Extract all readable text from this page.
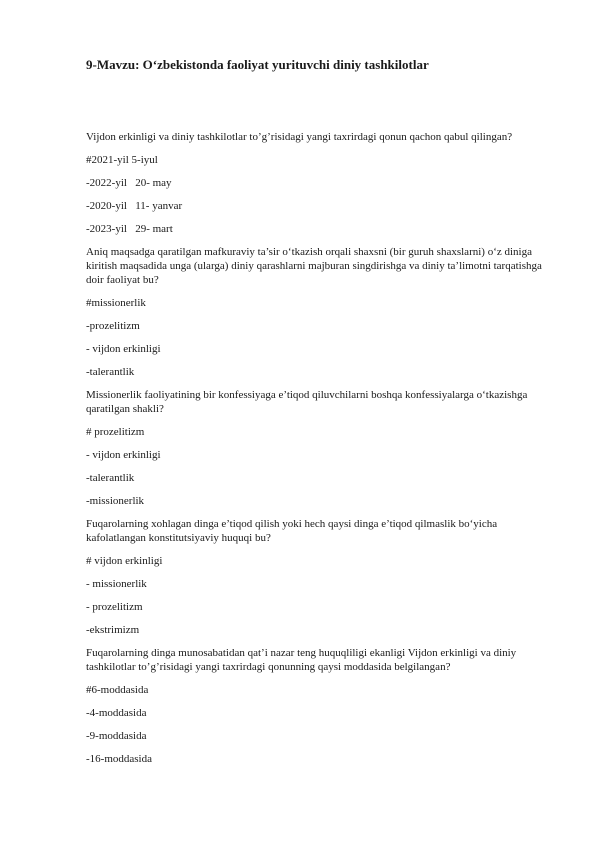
9-Mavzu: O‘zbekistonda faoliyat yurituvchi diniy tashkilotlar
Vijdon erkinligi va diniy tashkilotlar to’g’risidagi yangi taxrirdagi qonun qachon qabul qilingan?
#2021-yil 5-iyul
-2022-yil   20- may
-2020-yil   11- yanvar
-2023-yil   29- mart
Aniq maqsadga qaratilgan mafkuraviy ta’sir o‘tkazish orqali shaxsni (bir guruh shaxslarni) o‘z diniga kiritish maqsadida unga (ularga) diniy qarashlarni majburan singdirishga va diniy ta’limotni tarqatishga doir faoliyat bu?
#missionerlik
-prozelitizm
- vijdon erkinligi
-talerantlik
Missionerlik faoliyatining bir konfessiyaga e’tiqod qiluvchilarni boshqa konfessiyalarga o‘tkazishga qaratilgan shakli?
# prozelitizm
- vijdon erkinligi
-talerantlik
-missionerlik
Fuqarolarning xohlagan dinga e’tiqod qilish yoki hech qaysi dinga e’tiqod qilmaslik bo‘yicha kafolatlangan konstitutsiyaviy huquqi bu?
# vijdon erkinligi
- missionerlik
- prozelitizm
-ekstrimizm
Fuqarolarning dinga munosabatidan qat’i nazar teng huquqliligi ekanligi Vijdon erkinligi va diniy tashkilotlar to’g’risidagi yangi taxrirdagi qonunning qaysi moddasida belgilangan?
#6-moddasida
-4-moddasida
-9-moddasida
-16-moddasida
